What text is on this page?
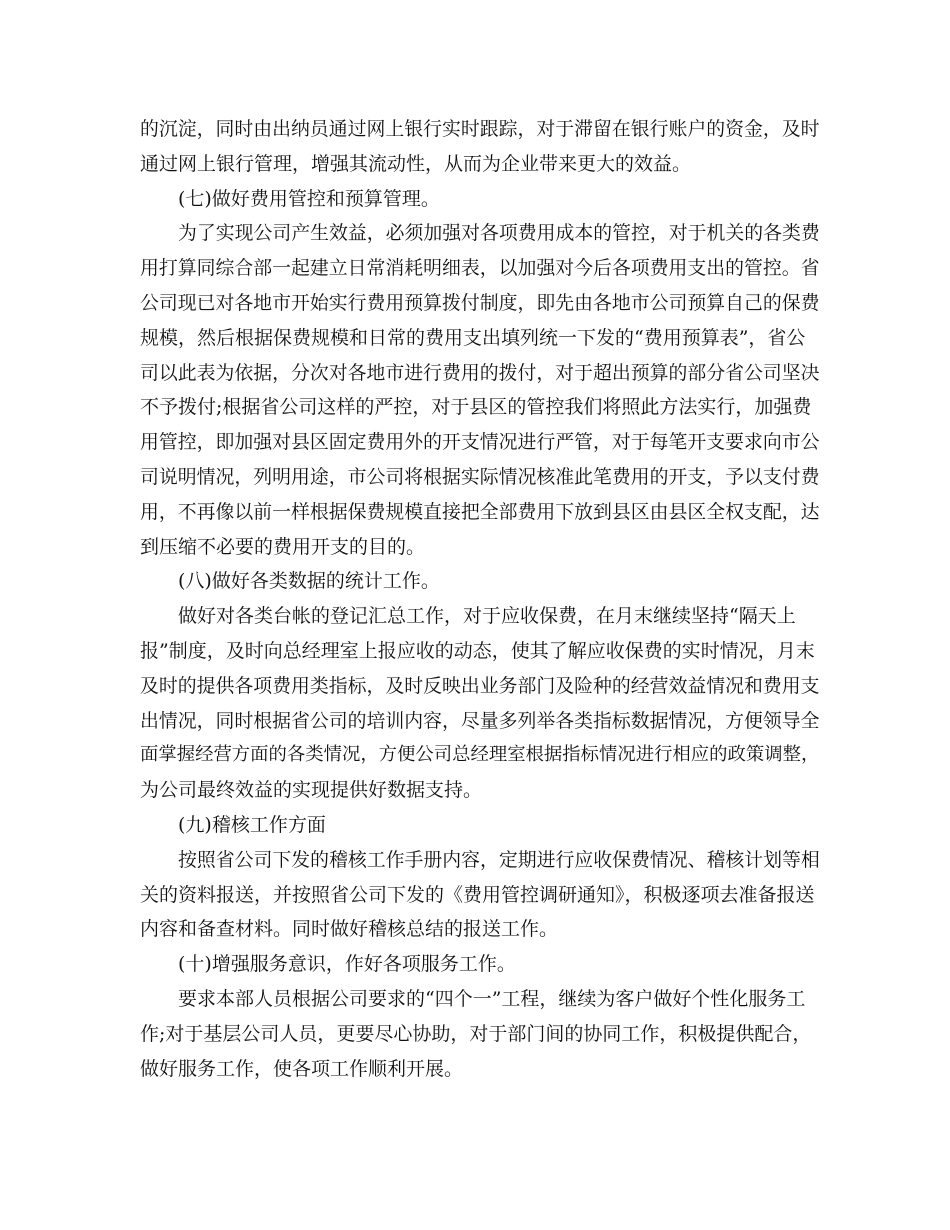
的沉淀，同时由出纳员通过网上银行实时跟踪，对于滞留在银行账户的资金，及时
通过网上银行管理，增强其流动性，从而为企业带来更大的效益。
(七)做好费用管控和预算管理。
为了实现公司产生效益，必须加强对各项费用成本的管控，对于机关的各类费
用打算同综合部一起建立日常消耗明细表，以加强对今后各项费用支出的管控。省
公司现已对各地市开始实行费用预算拨付制度，即先由各地市公司预算自己的保费
规模，然后根据保费规模和日常的费用支出填列统一下发的“费用预算表”，省公
司以此表为依据，分次对各地市进行费用的拨付，对于超出预算的部分省公司坚决
不予拨付;根据省公司这样的严控，对于县区的管控我们将照此方法实行，加强费
用管控，即加强对县区固定费用外的开支情况进行严管，对于每笔开支要求向市公
司说明情况，列明用途，市公司将根据实际情况核准此笔费用的开支，予以支付费
用，不再像以前一样根据保费规模直接把全部费用下放到县区由县区全权支配，达
到压缩不必要的费用开支的目的。
(八)做好各类数据的统计工作。
做好对各类台帐的登记汇总工作，对于应收保费，在月末继续坚持“隔天上
报”制度，及时向总经理室上报应收的动态，使其了解应收保费的实时情况，月末
及时的提供各项费用类指标，及时反映出业务部门及险种的经营效益情况和费用支
出情况，同时根据省公司的培训内容，尽量多列举各类指标数据情况，方便领导全
面掌握经营方面的各类情况，方便公司总经理室根据指标情况进行相应的政策调整，
为公司最终效益的实现提供好数据支持。
(九)稽核工作方面
按照省公司下发的稽核工作手册内容，定期进行应收保费情况、稽核计划等相
关的资料报送，并按照省公司下发的《费用管控调研通知》，积极逐项去准备报送
内容和备查材料。同时做好稽核总结的报送工作。
(十)增强服务意识，作好各项服务工作。
要求本部人员根据公司要求的“四个一”工程，继续为客户做好个性化服务工
作;对于基层公司人员，更要尽心协助，对于部门间的协同工作，积极提供配合，
做好服务工作，使各项工作顺利开展。
